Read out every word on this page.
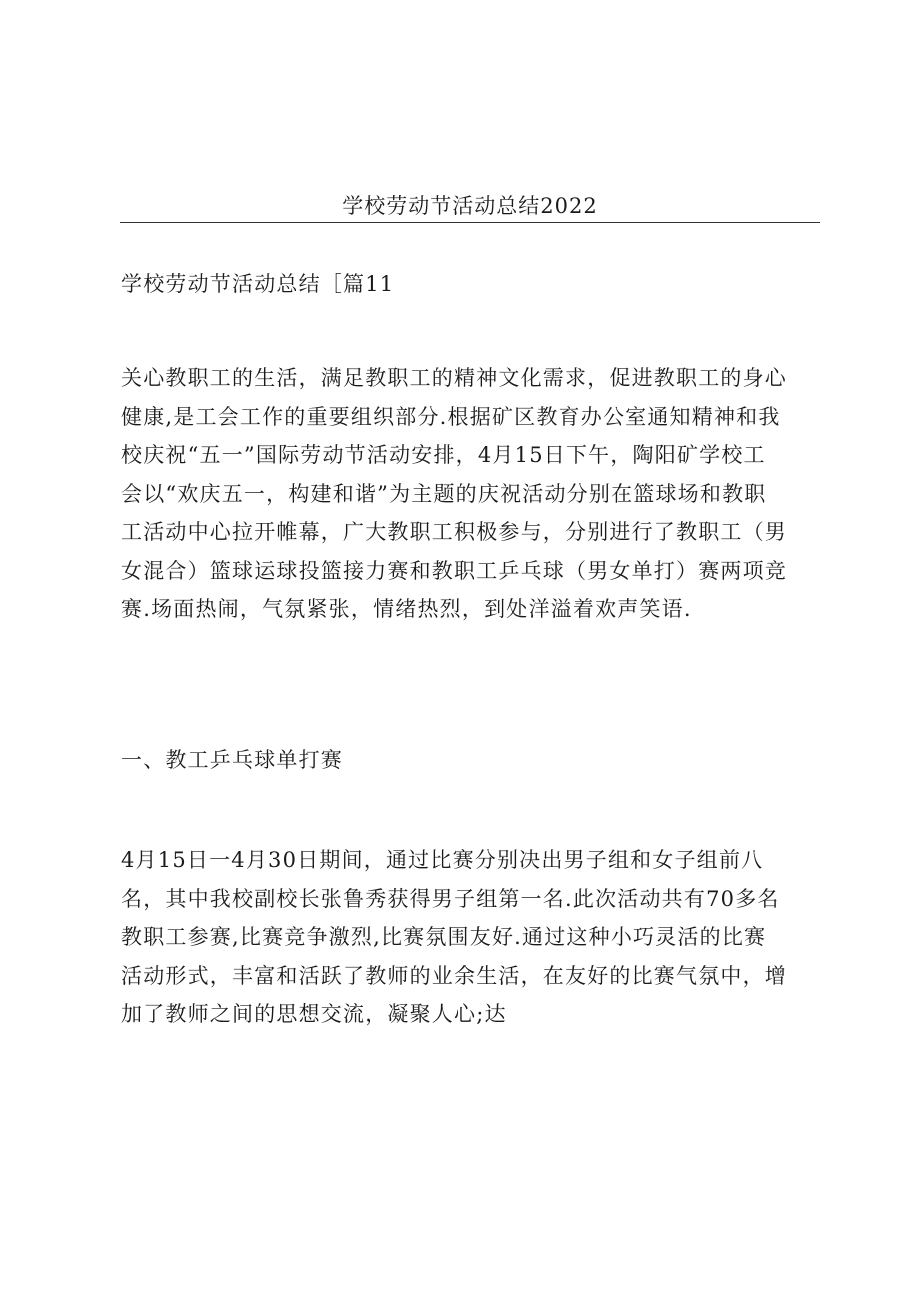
学校劳动节活动总结2022
学校劳动节活动总结［篇11
关心教职工的生活，满足教职工的精神文化需求，促进教职工的身心
健康,是工会工作的重要组织部分.根据矿区教育办公室通知精神和我
校庆祝“五一”国际劳动节活动安排，4月15日下午，陶阳矿学校工
会以“欢庆五一，构建和谐”为主题的庆祝活动分别在篮球场和教职
工活动中心拉开帷幕，广大教职工积极参与，分别进行了教职工（男
女混合）篮球运球投篮接力赛和教职工乒乓球（男女单打）赛两项竞
赛.场面热闹，气氛紧张，情绪热烈，到处洋溢着欢声笑语.
一、教工乒乓球单打赛
4月15日一4月30日期间，通过比赛分别决出男子组和女子组前八
名，其中我校副校长张鲁秀获得男子组第一名.此次活动共有70多名
教职工参赛,比赛竞争激烈,比赛氛围友好.通过这种小巧灵活的比赛
活动形式，丰富和活跃了教师的业余生活，在友好的比赛气氛中，增
加了教师之间的思想交流，凝聚人心;达
